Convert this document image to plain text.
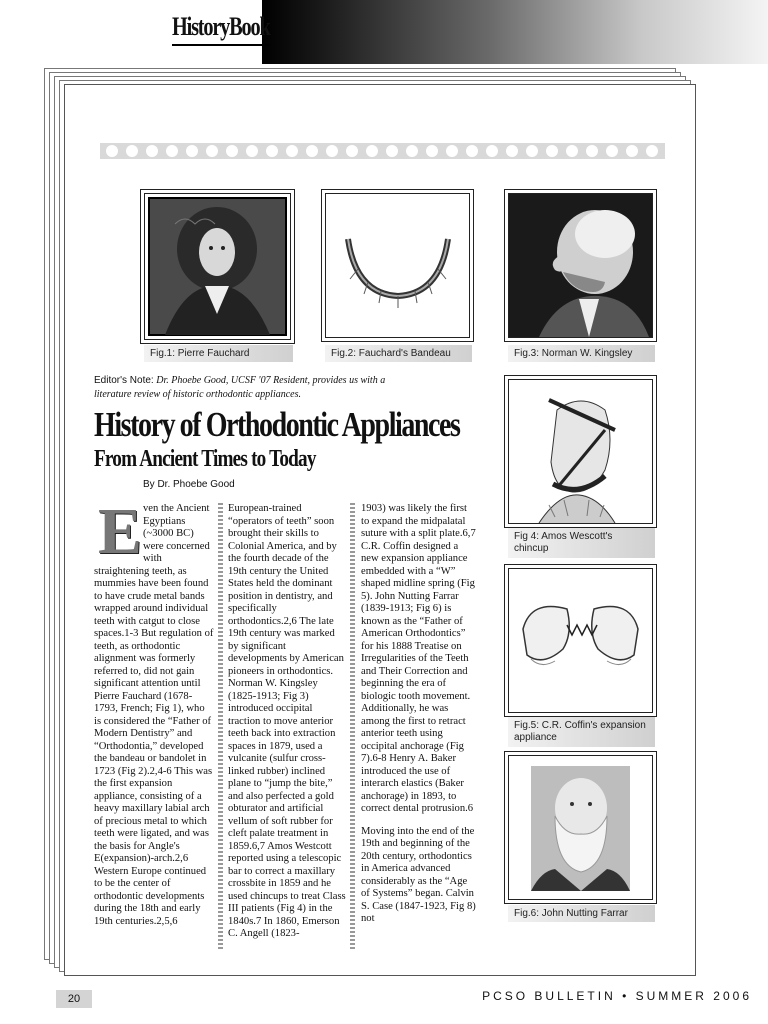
HistoryBook
Fig.1: Pierre Fauchard	Fig.2: Fauchard's Bandeau	Fig.3: Norman W. Kingsley
Editor's Note: Dr. Phoebe Good, UCSF '07 Resident, provides us with a literature review of historic orthodontic appliances.
History of Orthodontic Appliances
From Ancient Times to Today
By Dr. Phoebe Good
E ven the Ancient Egyptians (~3000 BC) were concerned with straightening teeth, as mummies have been found to have crude metal bands wrapped around individual teeth with catgut to close spaces.1-3 But regulation of teeth, as orthodontic alignment was formerly referred to, did not gain significant attention until Pierre Fauchard (1678-1793, French; Fig 1), who is considered the “Father of Modern Dentistry” and “Orthodontia,” developed the bandeau or bandolet in 1723 (Fig 2).2,4-6 This was the first expansion appliance, consisting of a heavy maxillary labial arch of precious metal to which teeth were ligated, and was the basis for Angle's E(expansion)-arch.2,6 Western Europe continued to be the center of orthodontic developments during the 18th and early 19th centuries.2,5,6
European-trained “operators of teeth” soon brought their skills to Colonial America, and by the fourth decade of the 19th century the United States held the dominant position in dentistry, and specifically orthodontics.2,6 The late 19th century was marked by significant developments by American pioneers in orthodontics. Norman W. Kingsley (1825-1913; Fig 3) introduced occipital traction to move anterior teeth back into extraction spaces in 1879, used a vulcanite (sulfur cross-linked rubber) inclined plane to “jump the bite,” and also perfected a gold obturator and artificial vellum of soft rubber for cleft palate treatment in 1859.6,7 Amos Westcott reported using a telescopic bar to correct a maxillary crossbite in 1859 and he used chincups to treat Class III patients (Fig 4) in the 1840s.7 In 1860, Emerson C. Angell (1823-

1903) was likely the first to expand the midpalatal suture with a split plate.6,7 C.R. Coffin designed a new expansion appliance embedded with a “W” shaped midline spring (Fig 5). John Nutting Farrar (1839-1913; Fig 6) is known as the “Father of American Orthodontics” for his 1888 Treatise on Irregularities of the Teeth and Their Correction and beginning the era of biologic tooth movement. Additionally, he was among the first to retract anterior teeth using occipital anchorage (Fig 7).6-8 Henry A. Baker introduced the use of interarch elastics (Baker anchorage) in 1893, to correct dental protrusion.6

Moving into the end of the 19th and beginning of the 20th century, orthodontics in America advanced considerably as the “Age of Systems” began. Calvin S. Case (1847-1923, Fig 8) not

Fig 4: Amos Wescott's chincup
Fig.5: C.R. Coffin's expansion appliance
Fig.6: John Nutting Farrar
20	PCSO BULLETIN • SUMMER 2006
